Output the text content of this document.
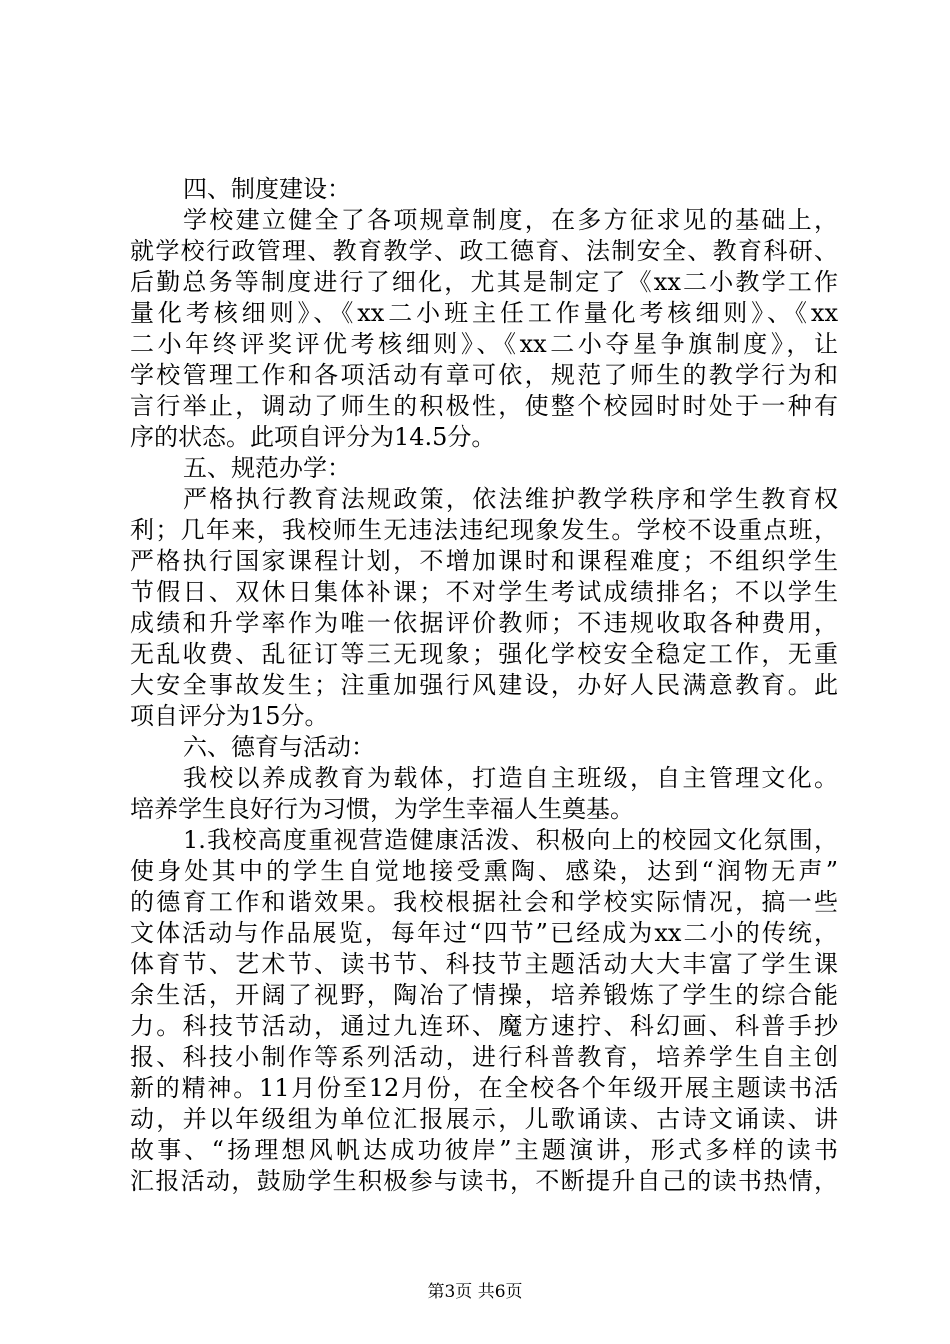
四、制度建设：
学校建立健全了各项规章制度，在多方征求见的基础上，
就学校行政管理、教育教学、政工德育、法制安全、教育科研、
后勤总务等制度进行了细化，尤其是制定了《xx二小教学工作
量化考核细则》、《xx二小班主任工作量化考核细则》、《xx
二小年终评奖评优考核细则》、《xx二小夺星争旗制度》，让
学校管理工作和各项活动有章可依，规范了师生的教学行为和
言行举止，调动了师生的积极性，使整个校园时时处于一种有
序的状态。此项自评分为14.5分。
五、规范办学：
严格执行教育法规政策，依法维护教学秩序和学生教育权
利；几年来，我校师生无违法违纪现象发生。学校不设重点班，
严格执行国家课程计划，不增加课时和课程难度；不组织学生
节假日、双休日集体补课；不对学生考试成绩排名；不以学生
成绩和升学率作为唯一依据评价教师；不违规收取各种费用，
无乱收费、乱征订等三无现象；强化学校安全稳定工作，无重
大安全事故发生；注重加强行风建设，办好人民满意教育。此
项自评分为15分。
六、德育与活动：
我校以养成教育为载体，打造自主班级，自主管理文化。
培养学生良好行为习惯，为学生幸福人生奠基。
1.我校高度重视营造健康活泼、积极向上的校园文化氛围，
使身处其中的学生自觉地接受熏陶、感染，达到“润物无声”
的德育工作和谐效果。我校根据社会和学校实际情况，搞一些
文体活动与作品展览，每年过“四节”已经成为xx二小的传统，
体育节、艺术节、读书节、科技节主题活动大大丰富了学生课
余生活，开阔了视野，陶冶了情操，培养锻炼了学生的综合能
力。科技节活动，通过九连环、魔方速拧、科幻画、科普手抄
报、科技小制作等系列活动，进行科普教育，培养学生自主创
新的精神。11月份至12月份，在全校各个年级开展主题读书活
动，并以年级组为单位汇报展示，儿歌诵读、古诗文诵读、讲
故事、“扬理想风帆达成功彼岸”主题演讲，形式多样的读书
汇报活动，鼓励学生积极参与读书，不断提升自己的读书热情，
第3页 共6页
